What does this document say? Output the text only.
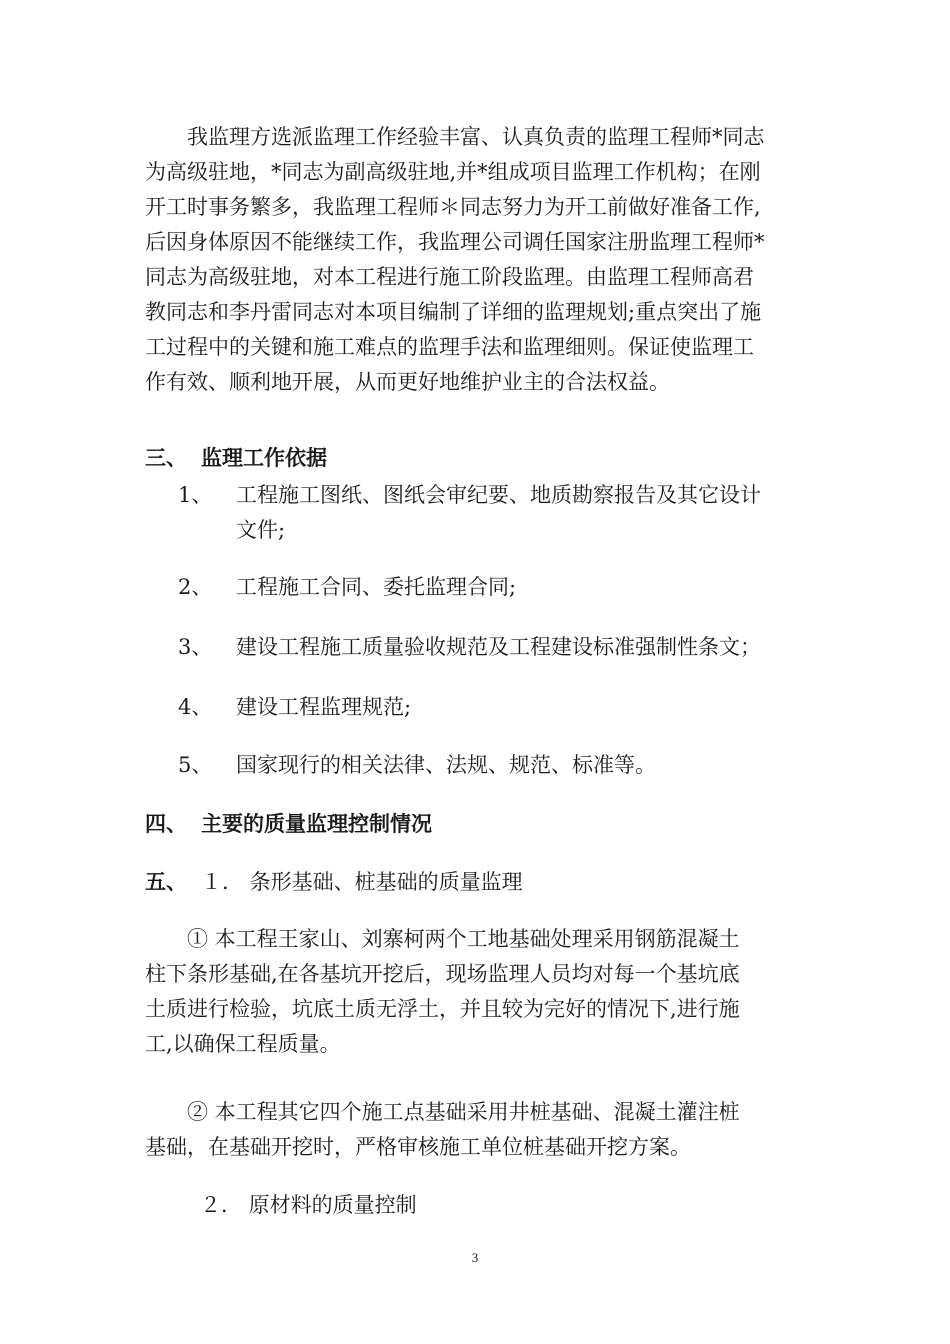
我监理方选派监理工作经验丰富、认真负责的监理工程师*同志
为高级驻地，*同志为副高级驻地,并*组成项目监理工作机构；在刚
开工时事务繁多，我监理工程师＊同志努力为开工前做好准备工作,
后因身体原因不能继续工作，我监理公司调任国家注册监理工程师*
同志为高级驻地，对本工程进行施工阶段监理。由监理工程师高君
教同志和李丹雷同志对本项目编制了详细的监理规划;重点突出了施
工过程中的关键和施工难点的监理手法和监理细则。保证使监理工
作有效、顺利地开展，从而更好地维护业主的合法权益。

三、 监理工作依据
1、 工程施工图纸、图纸会审纪要、地质勘察报告及其它设计
文件;
2、 工程施工合同、委托监理合同;
3、 建设工程施工质量验收规范及工程建设标准强制性条文；
4、 建设工程监理规范;
5、 国家现行的相关法律、法规、规范、标准等。
四、 主要的质量监理控制情况
五、 １． 条形基础、桩基础的质量监理

① 本工程王家山、刘寨柯两个工地基础处理采用钢筋混凝土
柱下条形基础,在各基坑开挖后，现场监理人员均对每一个基坑底
土质进行检验，坑底土质无浮土，并且较为完好的情况下,进行施
工,以确保工程质量。

② 本工程其它四个施工点基础采用井桩基础、混凝土灌注桩
基础，在基础开挖时，严格审核施工单位桩基础开挖方案。

２． 原材料的质量控制
3
